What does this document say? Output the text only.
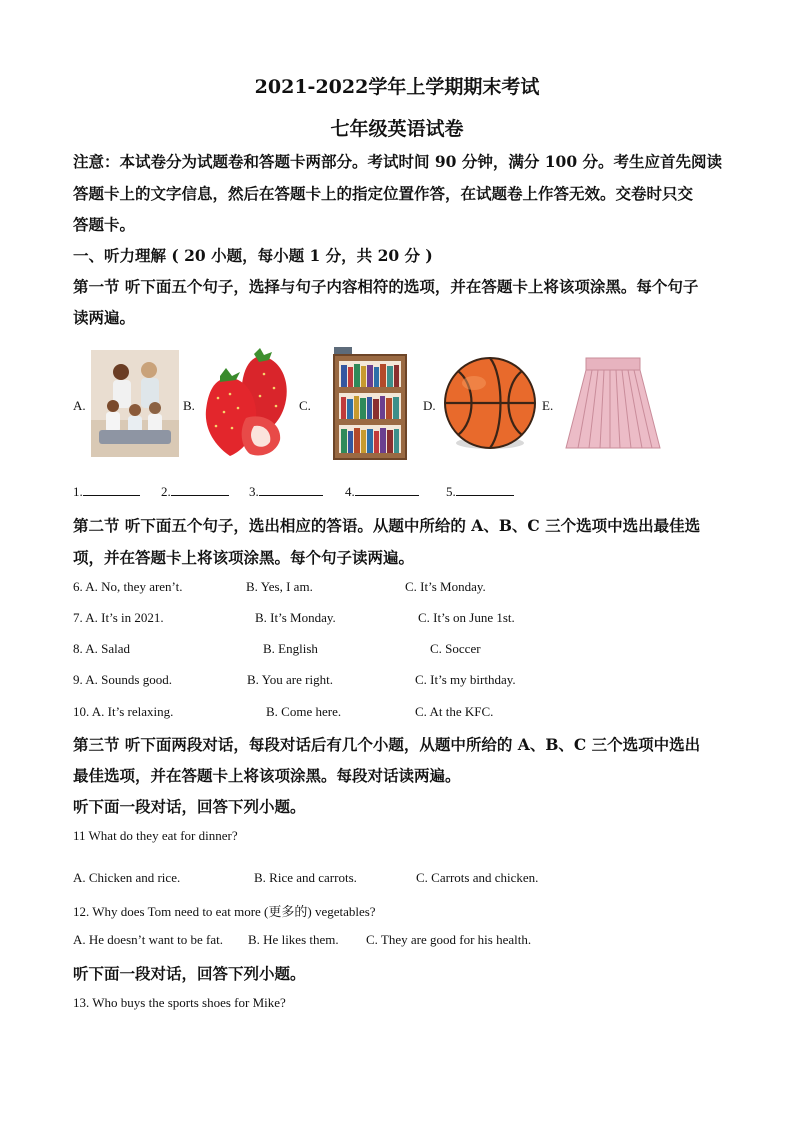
2021-2022学年上学期期末考试
七年级英语试卷
注意：本试卷分为试题卷和答题卡两部分。考试时间 90 分钟，满分 100 分。考生应首先阅读
答题卡上的文字信息，然后在答题卡上的指定位置作答，在试题卷上作答无效。交卷时只交
答题卡。
一、听力理解 ( 20 小题，每小题 1 分，共 20 分 )
第一节 听下面五个句子，选择与句子内容相符的选项，并在答题卡上将该项涂黑。每个句子
读两遍。
A.	B.	C.	D.	E.
1.	2.	3.	4.	5.
第二节 听下面五个句子，选出相应的答语。从题中所给的 A、B、C 三个选项中选出最佳选
项，并在答题卡上将该项涂黑。每个句子读两遍。
6. A. No, they aren’t.	B. Yes, I am.	C. It’s Monday.
7. A. It’s in 2021.	B. It’s Monday.	C. It’s on June 1st.
8. A. Salad	B. English	C. Soccer
9. A. Sounds good.	B. You are right.	C. It’s my birthday.
10. A. It’s relaxing.	B. Come here.	C. At the KFC.
第三节 听下面两段对话，每段对话后有几个小题，从题中所给的 A、B、C 三个选项中选出
最佳选项，并在答题卡上将该项涂黑。每段对话读两遍。
听下面一段对话，回答下列小题。
11 What do they eat for dinner?
A. Chicken and rice.	B. Rice and carrots.	C. Carrots and chicken.
12. Why does Tom need to eat more (更多的) vegetables?
A. He doesn’t want to be fat. B. He likes them. C. They are good for his health.
听下面一段对话，回答下列小题。
13. Who buys the sports shoes for Mike?
